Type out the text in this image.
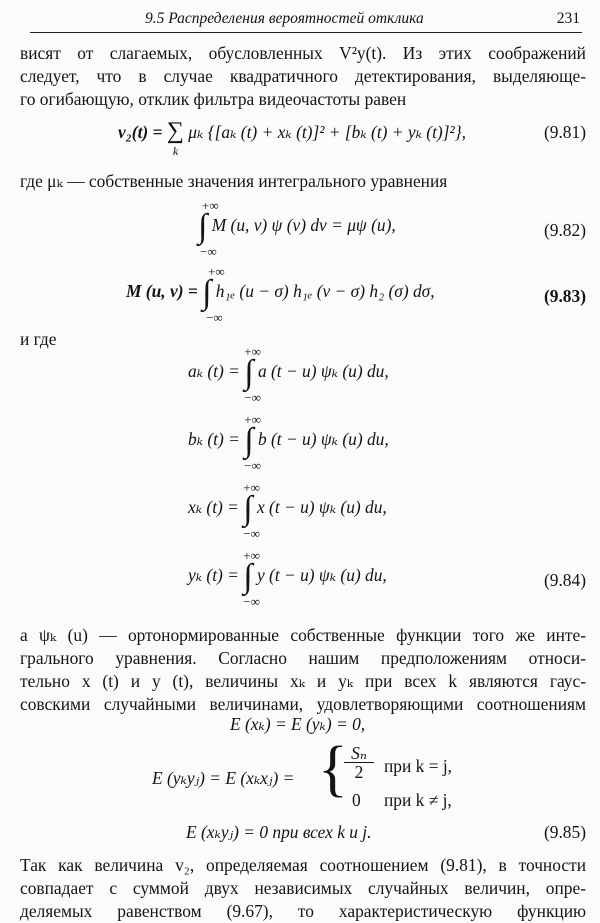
9.5 Распределения вероятностей отклика	231
висят от слагаемых, обусловленных V²y(t). Из этих соображений
следует, что в случае квадратичного детектирования, выделяюще-
го огибающую, отклик фильтра видеочастоты равен
v₂(t) = ∑
k
μₖ {[aₖ (t) + xₖ (t)]² + [bₖ (t) + yₖ (t)]²},	(9.81)
где μₖ — собственные значения интегрального уравнения
+∞
∫
−∞
M (u, v) ψ (v) dv = μψ (u),	(9.82)
M (u, v) =
+∞
∫
−∞
h₁ₑ (u − σ) h₁ₑ (v − σ) h₂ (σ) dσ,	(9.83)
и где
aₖ (t) =
+∞
∫
−∞
a (t − u) ψₖ (u) du,
bₖ (t) =
+∞
∫
−∞
b (t − u) ψₖ (u) du,
xₖ (t) =
+∞
∫
−∞
x (t − u) ψₖ (u) du,
yₖ (t) =
+∞
∫
−∞
y (t − u) ψₖ (u) du,	(9.84)
а ψₖ (u) — ортонормированные собственные функции того же инте-
грального уравнения. Согласно нашим предположениям относи-
тельно x (t) и y (t), величины xₖ и yₖ при всех k являются гаус-
совскими случайными величинами, удовлетворяющими соотношениям
E (xₖ) = E (yₖ) = 0,
E (yₖyⱼ) = E (xₖxⱼ) = {
$\frac{\text{Sₙ}}{2}$ при k = j,
0 при k ≠ j,
E (xₖyⱼ) = 0 при всех k и j.	(9.85)
Так как величина v₂, определяемая соотношением (9.81), в точности
совпадает с суммой двух независимых случайных величин, опре-
деляемых равенством (9.67), то характеристическую функцию
